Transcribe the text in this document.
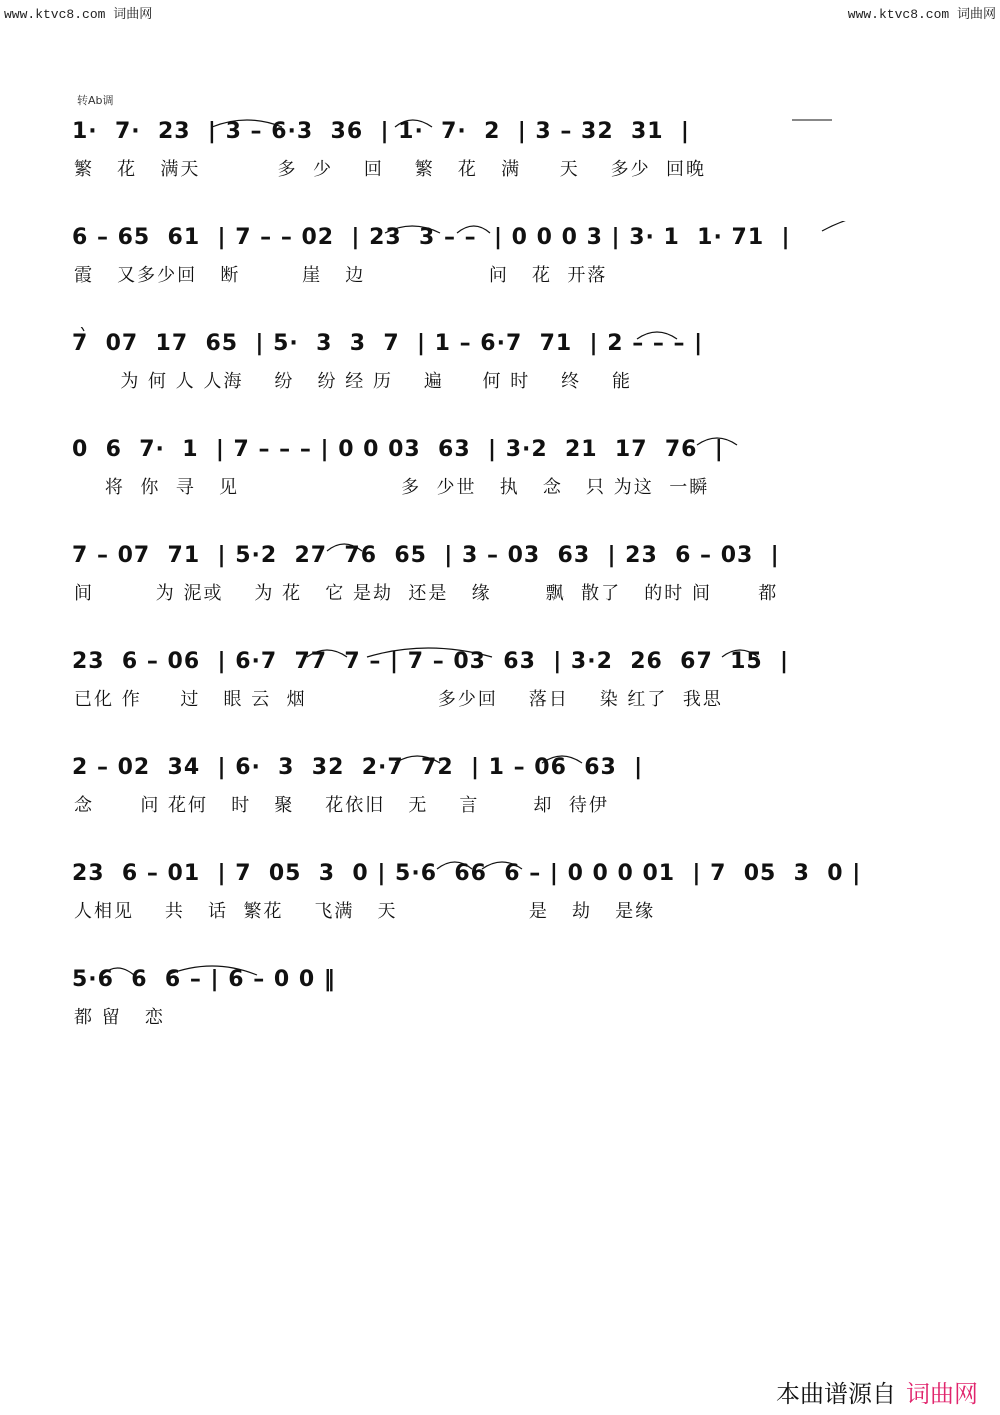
www.ktvc8.com 词曲网	www.ktvc8.com 词曲网
转Ab调
1·  7·  23  | 3 – 6·3  36  | 1·  7·  2  | 3 – 32  31  |
繁   花   满天          多  少    回    繁   花   满     天    多少  回晚
6 – 65  61  | 7 – – 02  | 23  3 – –  | 0 0 0 3 | 3· 1  1· 71  |
霞   又多少回   断        崖   边                问   花  开落
7  07  17  65  | 5·  3  3  7  | 1 – 6·7  71  | 2 – – – |
为 何 人 人海    纷   纷 经 历    遍     何 时    终    能
0  6  7·  1  | 7 – – – | 0 0 03  63  | 3·2  21  17  76  |
将  你  寻   见                     多  少世   执   念   只 为这  一瞬
7 – 07  71  | 5·2  27  76  65  | 3 – 03  63  | 23  6 – 03  |
间        为 泥或    为 花   它 是劫  还是   缘       飘  散了   的时 间      都
23  6 – 06  | 6·7  77  7 – | 7 – 03  63  | 3·2  26  67  15  |
已化 作     过   眼 云  烟                 多少回    落日    染 红了  我思
2 – 02  34  | 6·  3  32  2·7  72  | 1 – 06  63  |
念      问 花何   时   聚    花依旧   无    言       却  待伊
23  6 – 01  | 7  05  3  0 | 5·6  66  6 – | 0 0 0 01  | 7  05  3  0 |
人相见    共   话  繁花    飞满   天                 是   劫   是缘
5·6  6  6 – | 6 – 0 0 ‖
都 留   恋
本曲谱源自 词曲网
